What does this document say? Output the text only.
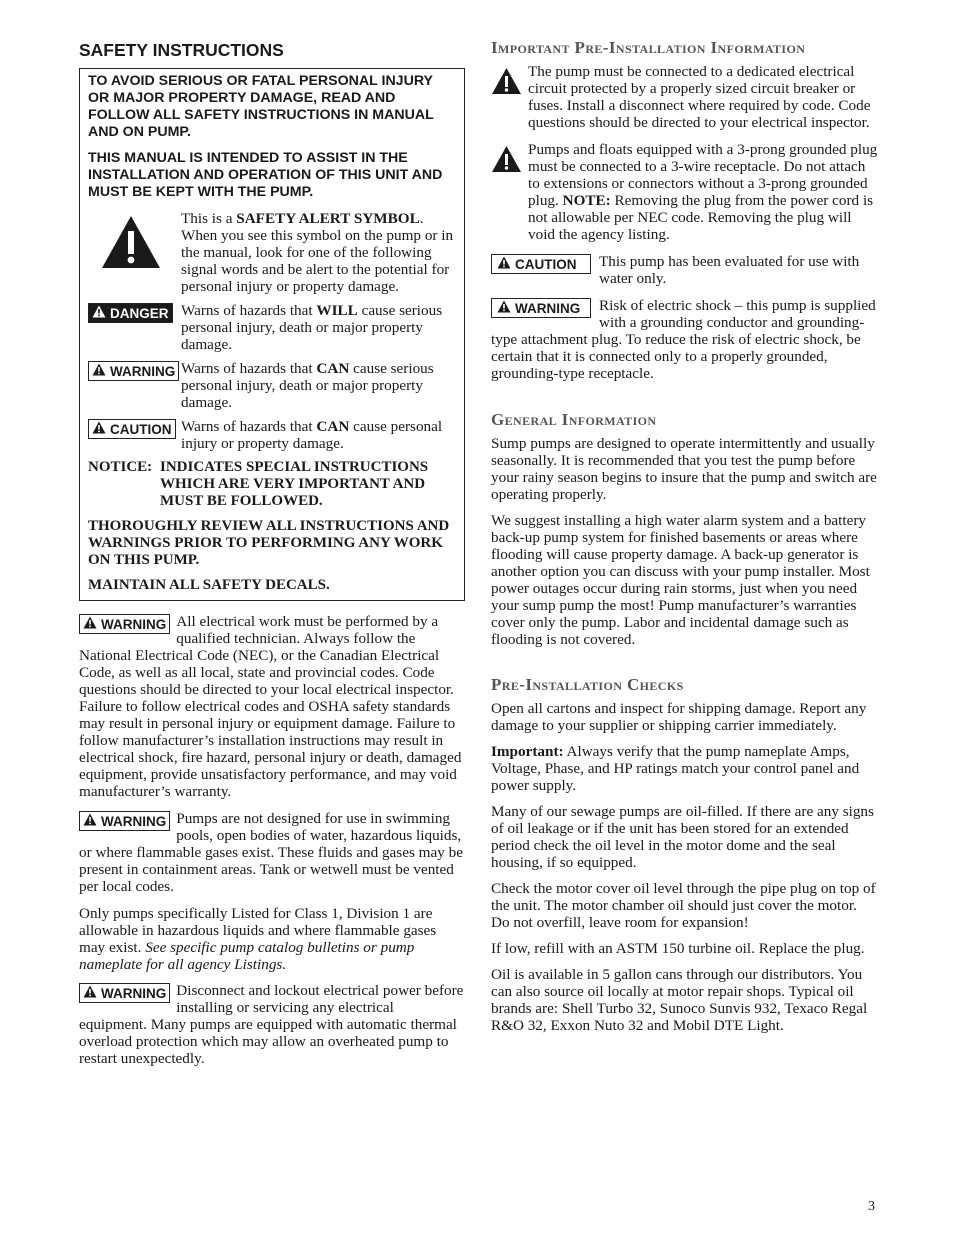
SAFETY INSTRUCTIONS
TO AVOID SERIOUS OR FATAL PERSONAL INJURY OR MAJOR PROPERTY DAMAGE, READ AND FOLLOW ALL SAFETY INSTRUCTIONS IN MANUAL AND ON PUMP.
THIS MANUAL IS INTENDED TO ASSIST IN THE INSTALLATION AND OPERATION OF THIS UNIT AND MUST BE KEPT WITH THE PUMP.

This is a SAFETY ALERT SYMBOL. When you see this symbol on the pump or in the manual, look for one of the following signal words and be alert to the potential for personal injury or property damage.

DANGER Warns of hazards that WILL cause serious personal injury, death or major property damage.

WARNING Warns of hazards that CAN cause serious personal injury, death or major property damage.

CAUTION Warns of hazards that CAN cause personal injury or property damage.

NOTICE: INDICATES SPECIAL INSTRUCTIONS WHICH ARE VERY IMPORTANT AND MUST BE FOLLOWED.
THOROUGHLY REVIEW ALL INSTRUCTIONS AND WARNINGS PRIOR TO PERFORMING ANY WORK ON THIS PUMP.
MAINTAIN ALL SAFETY DECALS.
WARNING All electrical work must be performed by a qualified technician. Always follow the National Electrical Code (NEC), or the Canadian Electrical Code, as well as all local, state and provincial codes. Code questions should be directed to your local electrical inspector. Failure to follow electrical codes and OSHA safety standards may result in personal injury or equipment damage. Failure to follow manufacturer’s installation instructions may result in electrical shock, fire hazard, personal injury or death, damaged equipment, provide unsatisfactory performance, and may void manufacturer’s warranty.

WARNING Pumps are not designed for use in swimming pools, open bodies of water, hazardous liquids, or where flammable gases exist. These fluids and gases may be present in containment areas. Tank or wetwell must be vented per local codes.

Only pumps specifically Listed for Class 1, Division 1 are allowable in hazardous liquids and where flammable gases may exist. See specific pump catalog bulletins or pump nameplate for all agency Listings.

WARNING Disconnect and lockout electrical power before installing or servicing any electrical equipment. Many pumps are equipped with automatic thermal overload protection which may allow an overheated pump to restart unexpectedly.

Important Pre-Installation Information

The pump must be connected to a dedicated electrical circuit protected by a properly sized circuit breaker or fuses. Install a disconnect where required by code. Code questions should be directed to your electrical inspector.

Pumps and floats equipped with a 3-prong grounded plug must be connected to a 3-wire receptacle. Do not attach to extensions or connectors without a 3-prong grounded plug. NOTE: Removing the plug from the power cord is not allowable per NEC code. Removing the plug will void the agency listing.

CAUTION	This pump has been evaluated for use with water only.

WARNING	Risk of electric shock – this pump is supplied with a grounding conductor and grounding-type attachment plug. To reduce the risk of electric shock, be certain that it is connected only to a properly grounded, grounding-type receptacle.

General Information

Sump pumps are designed to operate intermittently and usually seasonally. It is recommended that you test the pump before your rainy season begins to insure that the pump and switch are operating properly.

We suggest installing a high water alarm system and a battery back-up pump system for finished basements or areas where flooding will cause property damage. A back-up generator is another option you can discuss with your pump installer. Most power outages occur during rain storms, just when you need your sump pump the most! Pump manufacturer’s warranties cover only the pump. Labor and incidental damage such as flooding is not covered.

Pre-Installation Checks

Open all cartons and inspect for shipping damage. Report any damage to your supplier or shipping carrier immediately.

Important: Always verify that the pump nameplate Amps, Voltage, Phase, and HP ratings match your control panel and power supply.

Many of our sewage pumps are oil-filled. If there are any signs of oil leakage or if the unit has been stored for an extended period check the oil level in the motor dome and the seal housing, if so equipped.

Check the motor cover oil level through the pipe plug on top of the unit. The motor chamber oil should just cover the motor. Do not overfill, leave room for expansion!

If low, refill with an ASTM 150 turbine oil. Replace the plug.

Oil is available in 5 gallon cans through our distributors. You can also source oil locally at motor repair shops. Typical oil brands are: Shell Turbo 32, Sunoco Sunvis 932, Texaco Regal R&O 32, Exxon Nuto 32 and Mobil DTE Light.

3
